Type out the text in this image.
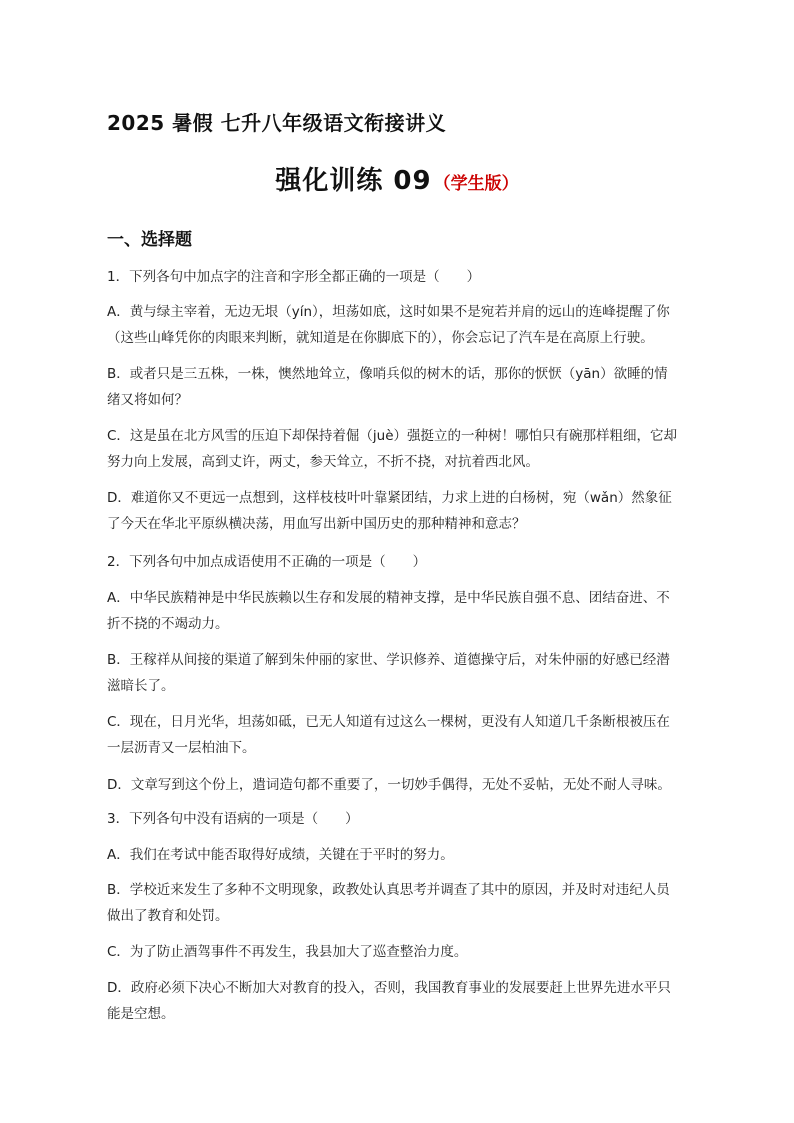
2025 暑假 七升八年级语文衔接讲义
强化训练 09 （学生版）
一、选择题
1．下列各句中加点字的注音和字形全都正确的一项是（　　）
A．黄与绿主宰着，无边无垠（yín），坦荡如底，这时如果不是宛若并肩的远山的连峰提醒了你
（这些山峰凭你的肉眼来判断，就知道是在你脚底下的），你会忘记了汽车是在高原上行驶。
B．或者只是三五株，一株，懊然地耸立，像哨兵似的树木的话，那你的恹恹（yān）欲睡的情
绪又将如何？
C．这是虽在北方风雪的压迫下却保持着倔（juè）强挺立的一种树！哪怕只有碗那样粗细，它却
努力向上发展，高到丈许，两丈，参天耸立，不折不挠，对抗着西北风。
D．难道你又不更远一点想到，这样枝枝叶叶靠紧团结，力求上进的白杨树，宛（wǎn）然象征
了今天在华北平原纵横决荡，用血写出新中国历史的那种精神和意志？
2．下列各句中加点成语使用不正确的一项是（　　）
A．中华民族精神是中华民族赖以生存和发展的精神支撑，是中华民族自强不息、团结奋进、不
折不挠的不竭动力。
B．王稼祥从间接的渠道了解到朱仲丽的家世、学识修养、道德操守后，对朱仲丽的好感已经潜
滋暗长了。
C．现在，日月光华，坦荡如砥，已无人知道有过这么一棵树，更没有人知道几千条断根被压在
一层沥青又一层柏油下。
D．文章写到这个份上，遣词造句都不重要了，一切妙手偶得，无处不妥帖，无处不耐人寻味。
3．下列各句中没有语病的一项是（　　）
A．我们在考试中能否取得好成绩，关键在于平时的努力。
B．学校近来发生了多种不文明现象，政教处认真思考并调查了其中的原因，并及时对违纪人员
做出了教育和处罚。
C．为了防止酒驾事件不再发生，我县加大了巡查整治力度。
D．政府必须下决心不断加大对教育的投入，否则，我国教育事业的发展要赶上世界先进水平只
能是空想。
